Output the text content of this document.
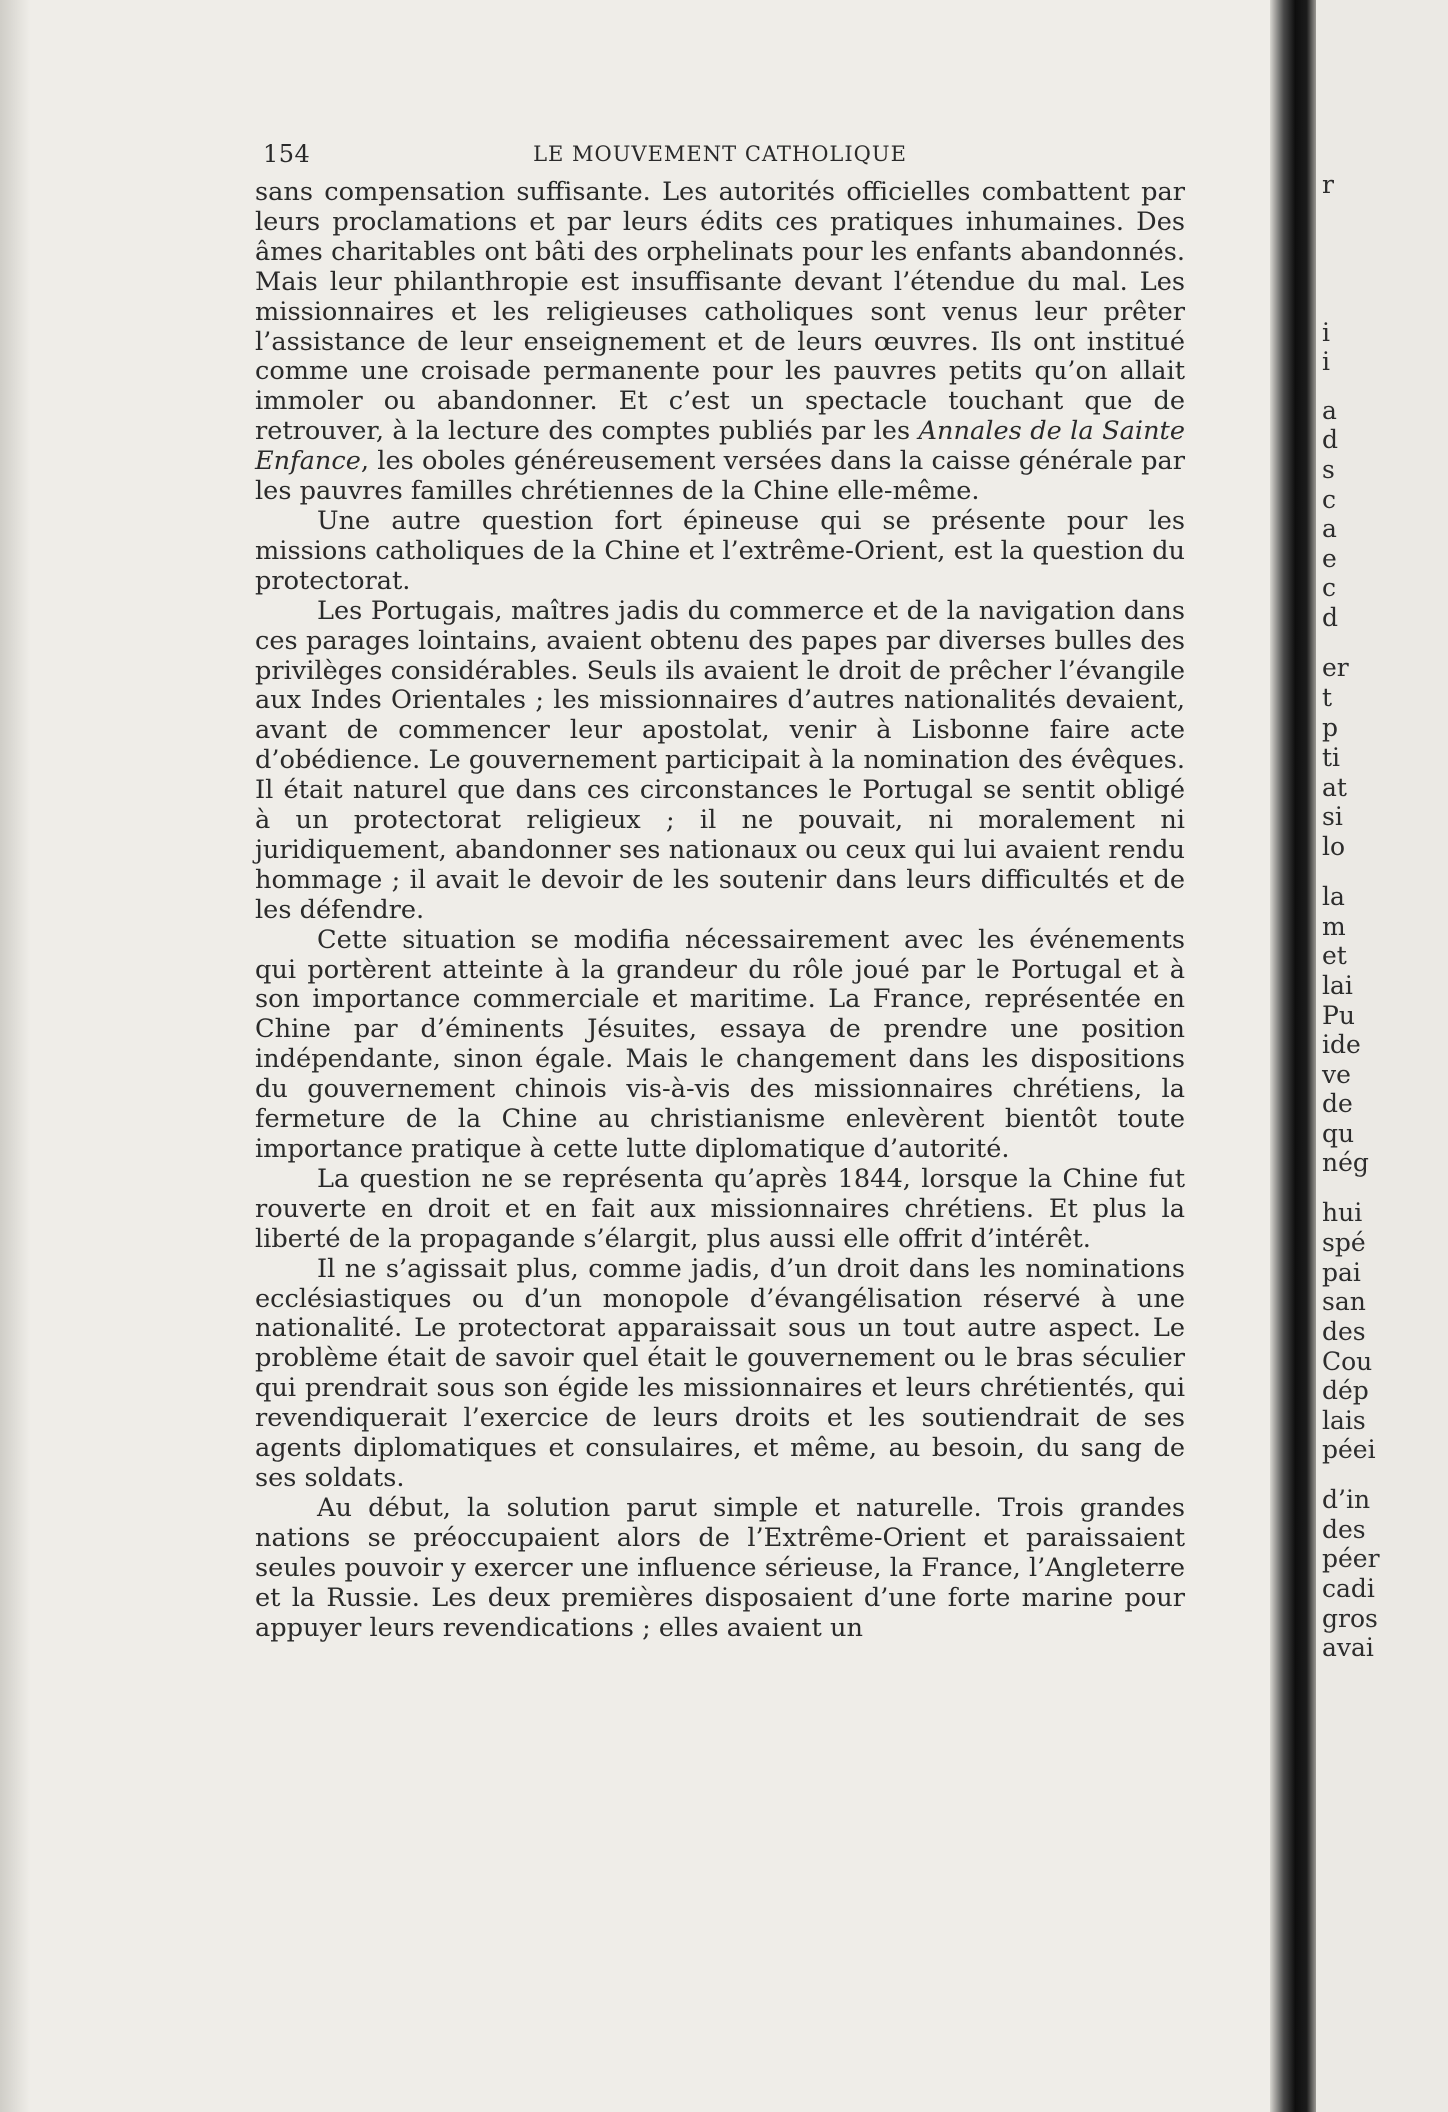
154	LE MOUVEMENT CATHOLIQUE

sans compensation suffisante. Les autorités officielles combattent par leurs proclamations et par leurs édits ces pratiques inhumaines. Des âmes charitables ont bâti des orphelinats pour les enfants abandonnés. Mais leur philanthropie est insuffisante devant l’étendue du mal. Les missionnaires et les religieuses catholiques sont venus leur prêter l’assistance de leur enseignement et de leurs œuvres. Ils ont institué comme une croisade permanente pour les pauvres petits qu’on allait immoler ou abandonner. Et c’est un spectacle touchant que de retrouver, à la lecture des comptes publiés par les Annales de la Sainte Enfance, les oboles généreusement versées dans la caisse générale par les pauvres familles chrétiennes de la Chine elle-même.

Une autre question fort épineuse qui se présente pour les missions catholiques de la Chine et l’extrême-Orient, est la question du protectorat.

Les Portugais, maîtres jadis du commerce et de la navigation dans ces parages lointains, avaient obtenu des papes par diverses bulles des privilèges considérables. Seuls ils avaient le droit de prêcher l’évangile aux Indes Orientales ; les missionnaires d’autres nationalités devaient, avant de commencer leur apostolat, venir à Lisbonne faire acte d’obédience. Le gouvernement participait à la nomination des évêques. Il était naturel que dans ces circonstances le Portugal se sentit obligé à un protectorat religieux ; il ne pouvait, ni moralement ni juridiquement, abandonner ses nationaux ou ceux qui lui avaient rendu hommage ; il avait le devoir de les soutenir dans leurs difficultés et de les défendre.

Cette situation se modifia nécessairement avec les événements qui portèrent atteinte à la grandeur du rôle joué par le Portugal et à son importance commerciale et maritime. La France, représentée en Chine par d’éminents Jésuites, essaya de prendre une position indépendante, sinon égale. Mais le changement dans les dispositions du gouvernement chinois vis-à-vis des missionnaires chrétiens, la fermeture de la Chine au christianisme enlevèrent bientôt toute importance pratique à cette lutte diplomatique d’autorité.

La question ne se représenta qu’après 1844, lorsque la Chine fut rouverte en droit et en fait aux missionnaires chrétiens. Et plus la liberté de la propagande s’élargit, plus aussi elle offrit d’intérêt.

Il ne s’agissait plus, comme jadis, d’un droit dans les nominations ecclésiastiques ou d’un monopole d’évangélisation réservé à une nationalité. Le protectorat apparaissait sous un tout autre aspect. Le problème était de savoir quel était le gouvernement ou le bras séculier qui prendrait sous son égide les missionnaires et leurs chrétientés, qui revendiquerait l’exercice de leurs droits et les soutiendrait de ses agents diplomatiques et consulaires, et même, au besoin, du sang de ses soldats.

Au début, la solution parut simple et naturelle. Trois grandes nations se préoccupaient alors de l’Extrême-Orient et paraissaient seules pouvoir y exercer une influence sérieuse, la France, l’Angleterre et la Russie. Les deux premières disposaient d’une forte marine pour appuyer leurs revendications ; elles avaient un

r
i
i
a
d
s
c
a
e
c
d
er
t
p
ti
at
si
lo
la
m
et
lai
Pu
ide
ve
de
qu
nég
hui
spé
pai
san
des
Cou
dép
lais
péei
d’in
des
péer
cadi
gros
avai
